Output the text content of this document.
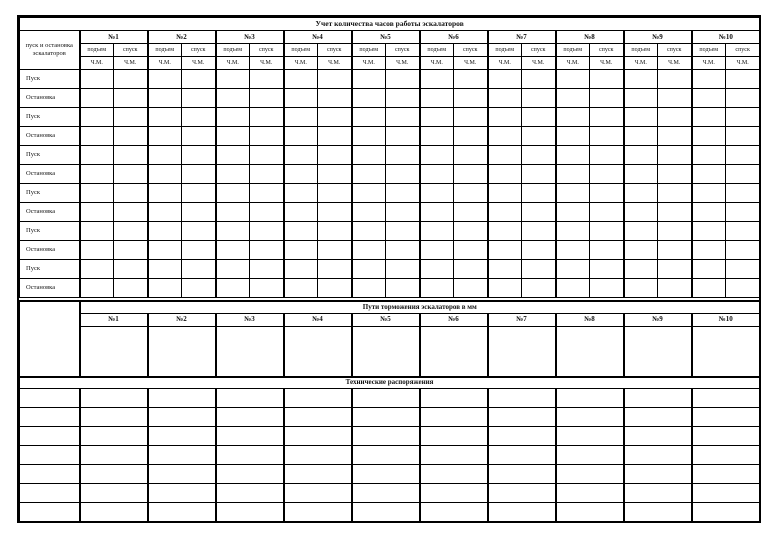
Учет количества часов работы эскалаторов																				
пуск и остановка эскалаторов	№1		№2		№3		№4		№5		№6		№7		№8		№9		№10	
	подъем	спуск	подъем	спуск	подъем	спуск	подъем	спуск	подъем	спуск	подъем	спуск	подъем	спуск	подъем	спуск	подъем	спуск	подъем	спуск
	Ч.М.	Ч.М.	Ч.М.	Ч.М.	Ч.М.	Ч.М.	Ч.М.	Ч.М.	Ч.М.	Ч.М.	Ч.М.	Ч.М.	Ч.М.	Ч.М.	Ч.М.	Ч.М.	Ч.М.	Ч.М.	Ч.М.	Ч.М.
Пуск																				
Остановка																				
Пуск																				
Остановка																				
Пуск																				
Остановка																				
Пуск																				
Остановка																				
Пуск																				
Остановка																				
Пуск																				
Остановка																				
	Пути торможения эскалаторов в мм									
	№1	№2	№3	№4	№5	№6	№7	№8	№9	№10

Технические распоряжения										
